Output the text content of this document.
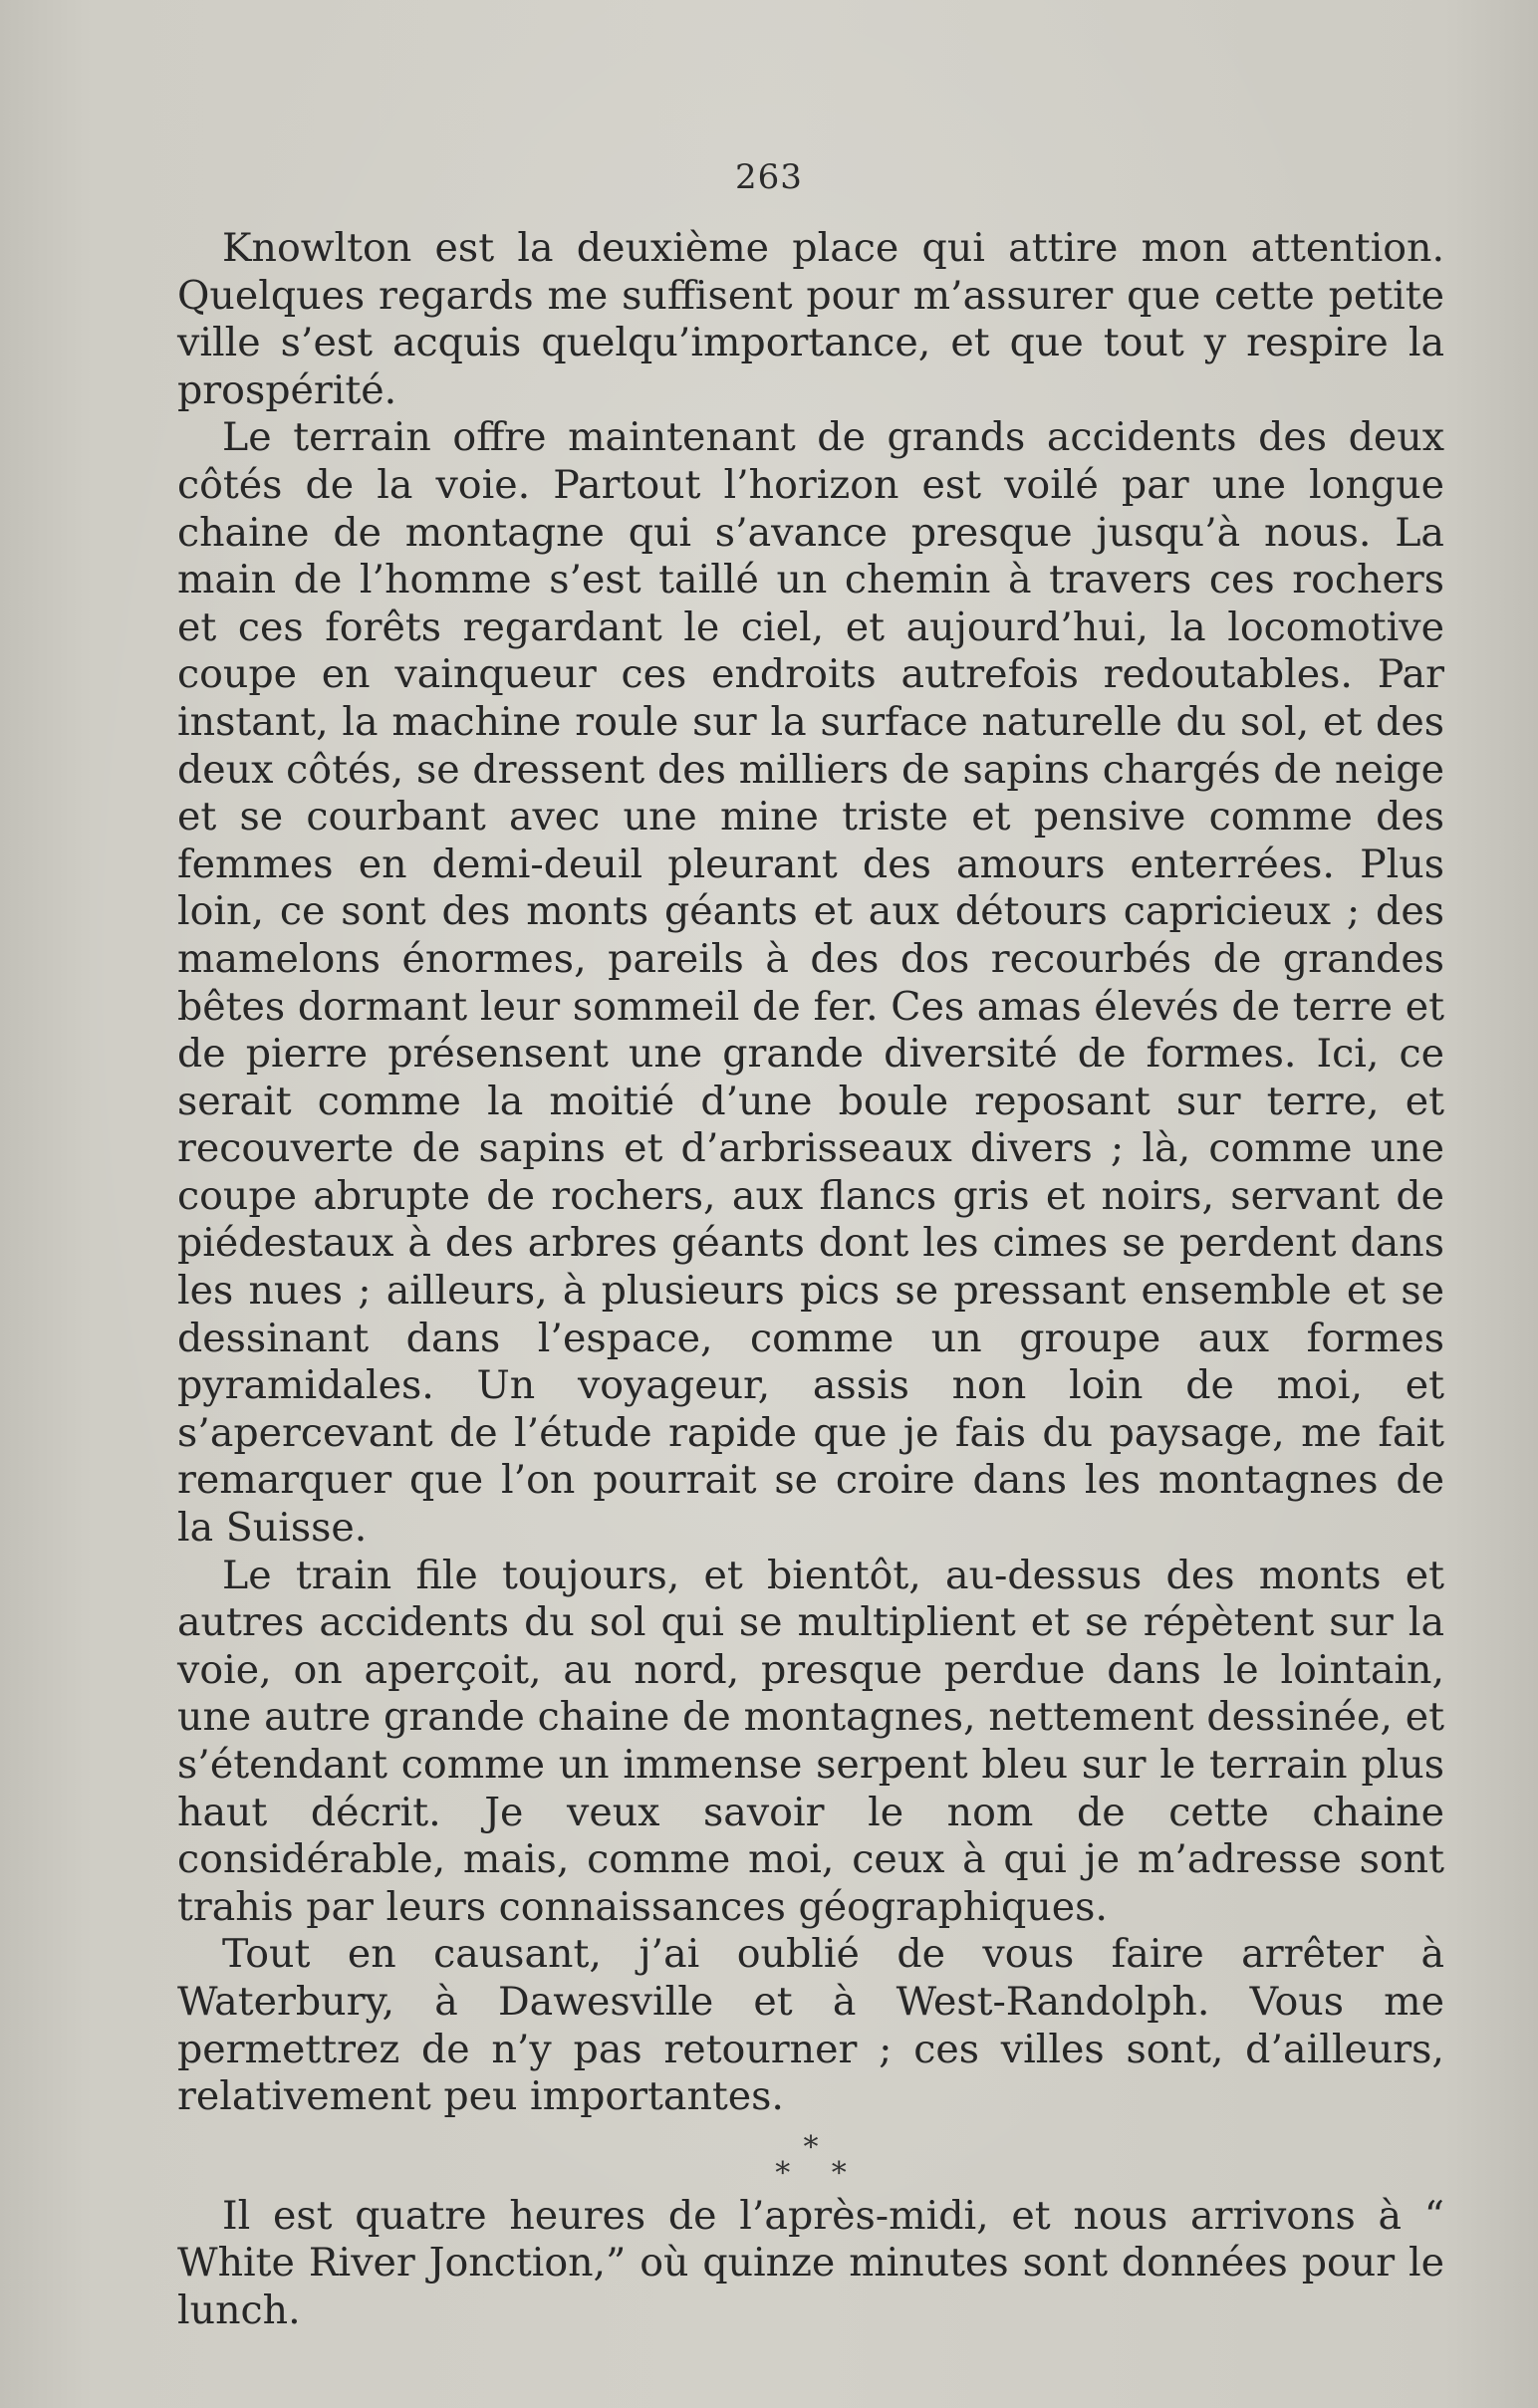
263

Knowlton est la deuxième place qui attire mon attention. Quelques regards me suffisent pour m’assurer que cette petite ville s’est acquis quelqu’importance, et que tout y respire la prospérité.

Le terrain offre maintenant de grands accidents des deux côtés de la voie. Partout l’horizon est voilé par une longue chaine de montagne qui s’avance presque jusqu’à nous. La main de l’homme s’est taillé un chemin à travers ces rochers et ces forêts regardant le ciel, et aujourd’hui, la locomotive coupe en vainqueur ces endroits autrefois redoutables. Par instant, la machine roule sur la surface naturelle du sol, et des deux côtés, se dressent des milliers de sapins chargés de neige et se courbant avec une mine triste et pensive comme des femmes en demi-deuil pleurant des amours enterrées. Plus loin, ce sont des monts géants et aux détours capricieux ; des mamelons énormes, pareils à des dos recourbés de grandes bêtes dormant leur sommeil de fer. Ces amas élevés de terre et de pierre présensent une grande diversité de formes. Ici, ce serait comme la moitié d’une boule reposant sur terre, et recouverte de sapins et d’arbrisseaux divers ; là, comme une coupe abrupte de rochers, aux flancs gris et noirs, servant de piédestaux à des arbres géants dont les cimes se perdent dans les nues ; ailleurs, à plusieurs pics se pressant ensemble et se dessinant dans l’espace, comme un groupe aux formes pyramidales. Un voyageur, assis non loin de moi, et s’apercevant de l’étude rapide que je fais du paysage, me fait remarquer que l’on pourrait se croire dans les montagnes de la Suisse.

Le train file toujours, et bientôt, au-dessus des monts et autres accidents du sol qui se multiplient et se répètent sur la voie, on aperçoit, au nord, presque perdue dans le lointain, une autre grande chaine de montagnes, nettement dessinée, et s’étendant comme un immense serpent bleu sur le terrain plus haut décrit. Je veux savoir le nom de cette chaine considérable, mais, comme moi, ceux à qui je m’adresse sont trahis par leurs connaissances géographiques.

Tout en causant, j’ai oublié de vous faire arrêter à Waterbury, à Dawesville et à West-Randolph. Vous me permettrez de n’y pas retourner ; ces villes sont, d’ailleurs, relativement peu importantes.

*
* *

Il est quatre heures de l’après-midi, et nous arrivons à “ White River Jonction,” où quinze minutes sont données pour le lunch.
